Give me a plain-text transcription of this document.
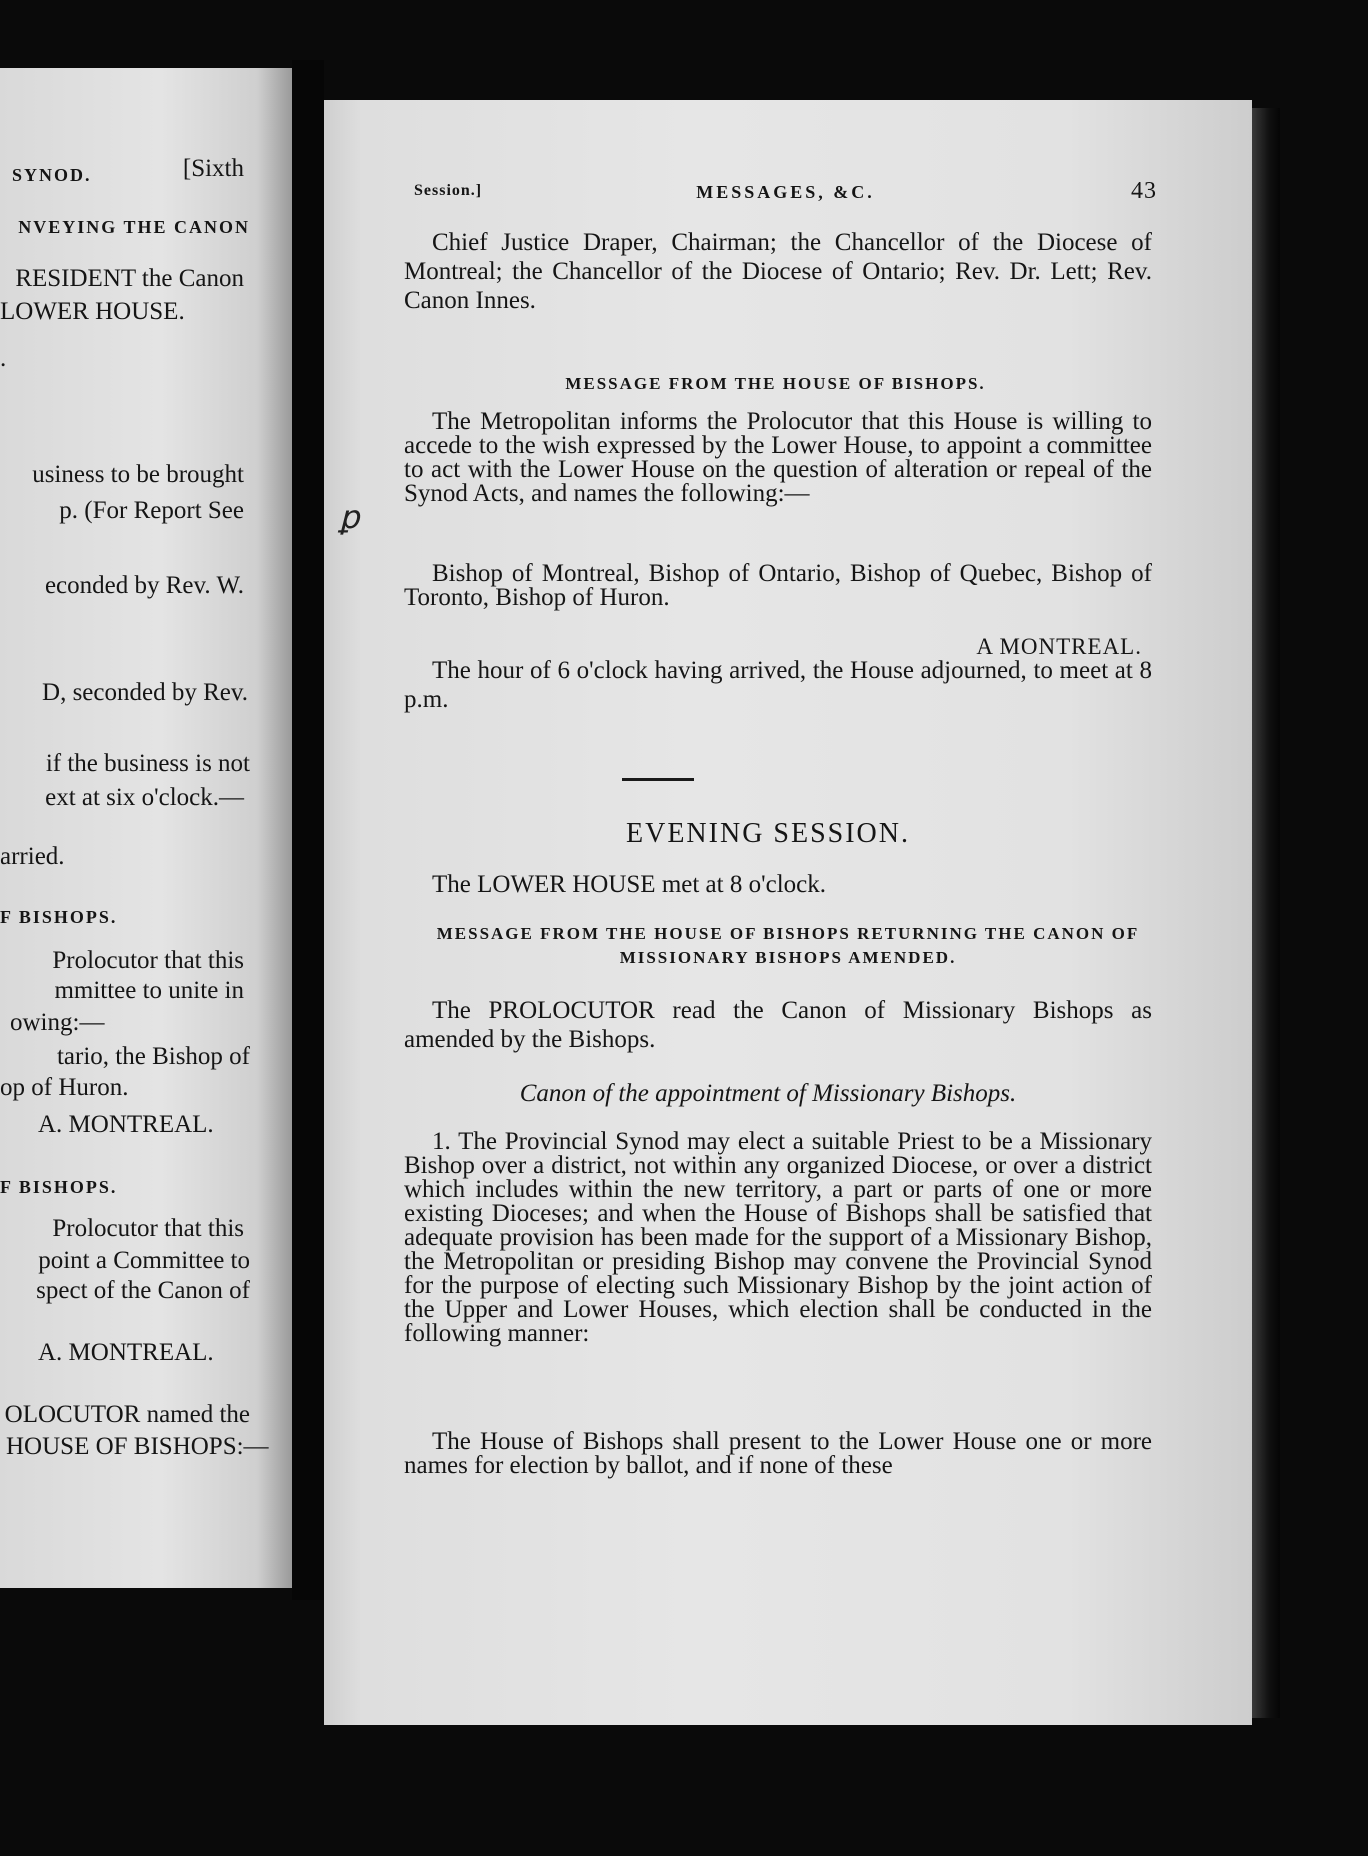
SYNOD.	[Sixth
NVEYING THE CANON
RESIDENT the Canon
LOWER HOUSE.
.
usiness to be brought
p. (For Report See
econded by Rev. W.
D, seconded by Rev.
if the business is not
ext at six o'clock.—
arried.
F BISHOPS.
Prolocutor that this
mmittee to unite in
owing:—
tario, the Bishop of
op of Huron.
A. MONTREAL.
F BISHOPS.
Prolocutor that this
point a Committee to
spect of the Canon of
A. MONTREAL.
OLOCUTOR named the
HOUSE OF BISHOPS:—
Session.]	MESSAGES, &C.	43
Chief Justice Draper, Chairman; the Chancellor of the Diocese of Montreal; the Chancellor of the Diocese of Ontario; Rev. Dr. Lett; Rev. Canon Innes.
MESSAGE FROM THE HOUSE OF BISHOPS.
ꝑ
The Metropolitan informs the Prolocutor that this House is willing to accede to the wish expressed by the Lower House, to appoint a committee to act with the Lower House on the question of alteration or repeal of the Synod Acts, and names the following:—
Bishop of Montreal, Bishop of Ontario, Bishop of Quebec, Bishop of Toronto, Bishop of Huron.
A MONTREAL.
The hour of 6 o'clock having arrived, the House adjourned, to meet at 8 p.m.
EVENING SESSION.
The LOWER HOUSE met at 8 o'clock.
MESSAGE FROM THE HOUSE OF BISHOPS RETURNING THE CANON OF MISSIONARY BISHOPS AMENDED.
The PROLOCUTOR read the Canon of Missionary Bishops as amended by the Bishops.
Canon of the appointment of Missionary Bishops.
1. The Provincial Synod may elect a suitable Priest to be a Missionary Bishop over a district, not within any organized Diocese, or over a district which includes within the new territory, a part or parts of one or more existing Dioceses; and when the House of Bishops shall be satisfied that adequate provision has been made for the support of a Missionary Bishop, the Metropolitan or presiding Bishop may convene the Provincial Synod for the purpose of electing such Missionary Bishop by the joint action of the Upper and Lower Houses, which election shall be conducted in the following manner:
The House of Bishops shall present to the Lower House one or more names for election by ballot, and if none of these
